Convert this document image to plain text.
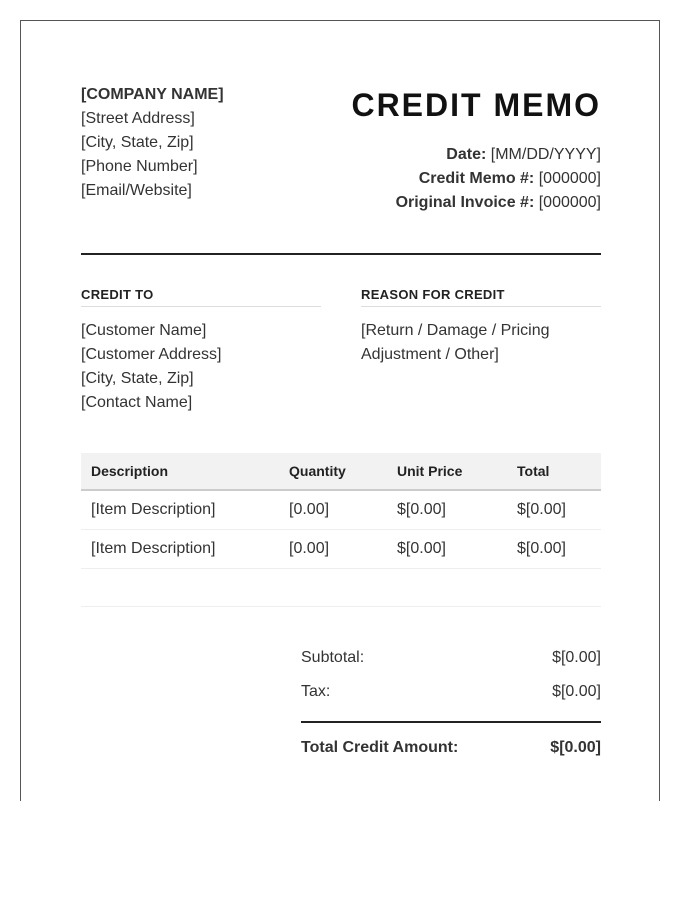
[COMPANY NAME]
[Street Address]
[City, State, Zip]
[Phone Number]
[Email/Website]
CREDIT MEMO
Date: [MM/DD/YYYY]
Credit Memo #: [000000]
Original Invoice #: [000000]
CREDIT TO
[Customer Name]
[Customer Address]
[City, State, Zip]
[Contact Name]
REASON FOR CREDIT
[Return / Damage / Pricing Adjustment / Other]
Description	Quantity	Unit Price	Total
[Item Description]	[0.00]	$[0.00]	$[0.00]
[Item Description]	[0.00]	$[0.00]	$[0.00]
Subtotal:	$[0.00]
Tax:	$[0.00]
Total Credit Amount:	$[0.00]
